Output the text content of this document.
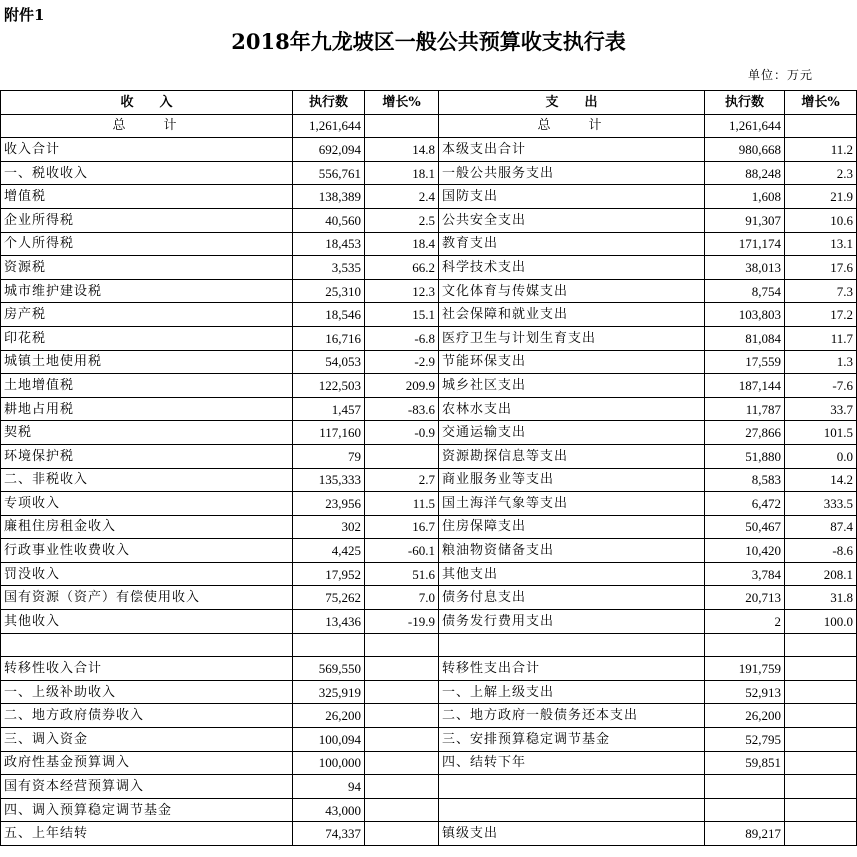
附件1
2018年九龙坡区一般公共预算收支执行表
单位：万元
收　　入	执行数	增长%	支　　出	执行数	增长%
总　　计	1,261,644		总　　计	1,261,644	
收入合计	692,094	14.8	本级支出合计	980,668	11.2
一、税收收入	556,761	18.1	一般公共服务支出	88,248	2.3
增值税	138,389	2.4	国防支出	1,608	21.9
企业所得税	40,560	2.5	公共安全支出	91,307	10.6
个人所得税	18,453	18.4	教育支出	171,174	13.1
资源税	3,535	66.2	科学技术支出	38,013	17.6
城市维护建设税	25,310	12.3	文化体育与传媒支出	8,754	7.3
房产税	18,546	15.1	社会保障和就业支出	103,803	17.2
印花税	16,716	-6.8	医疗卫生与计划生育支出	81,084	11.7
城镇土地使用税	54,053	-2.9	节能环保支出	17,559	1.3
土地增值税	122,503	209.9	城乡社区支出	187,144	-7.6
耕地占用税	1,457	-83.6	农林水支出	11,787	33.7
契税	117,160	-0.9	交通运输支出	27,866	101.5
环境保护税	79		资源勘探信息等支出	51,880	0.0
二、非税收入	135,333	2.7	商业服务业等支出	8,583	14.2
专项收入	23,956	11.5	国土海洋气象等支出	6,472	333.5
廉租住房租金收入	302	16.7	住房保障支出	50,467	87.4
行政事业性收费收入	4,425	-60.1	粮油物资储备支出	10,420	-8.6
罚没收入	17,952	51.6	其他支出	3,784	208.1
国有资源（资产）有偿使用收入	75,262	7.0	债务付息支出	20,713	31.8
其他收入	13,436	-19.9	债务发行费用支出	2	100.0

转移性收入合计	569,550		转移性支出合计	191,759	
一、上级补助收入	325,919		一、上解上级支出	52,913	
二、地方政府债券收入	26,200		二、地方政府一般债务还本支出	26,200	
三、调入资金	100,094		三、安排预算稳定调节基金	52,795	
政府性基金预算调入	100,000		四、结转下年	59,851	
国有资本经营预算调入	94				
四、调入预算稳定调节基金	43,000				
五、上年结转	74,337		镇级支出	89,217	
